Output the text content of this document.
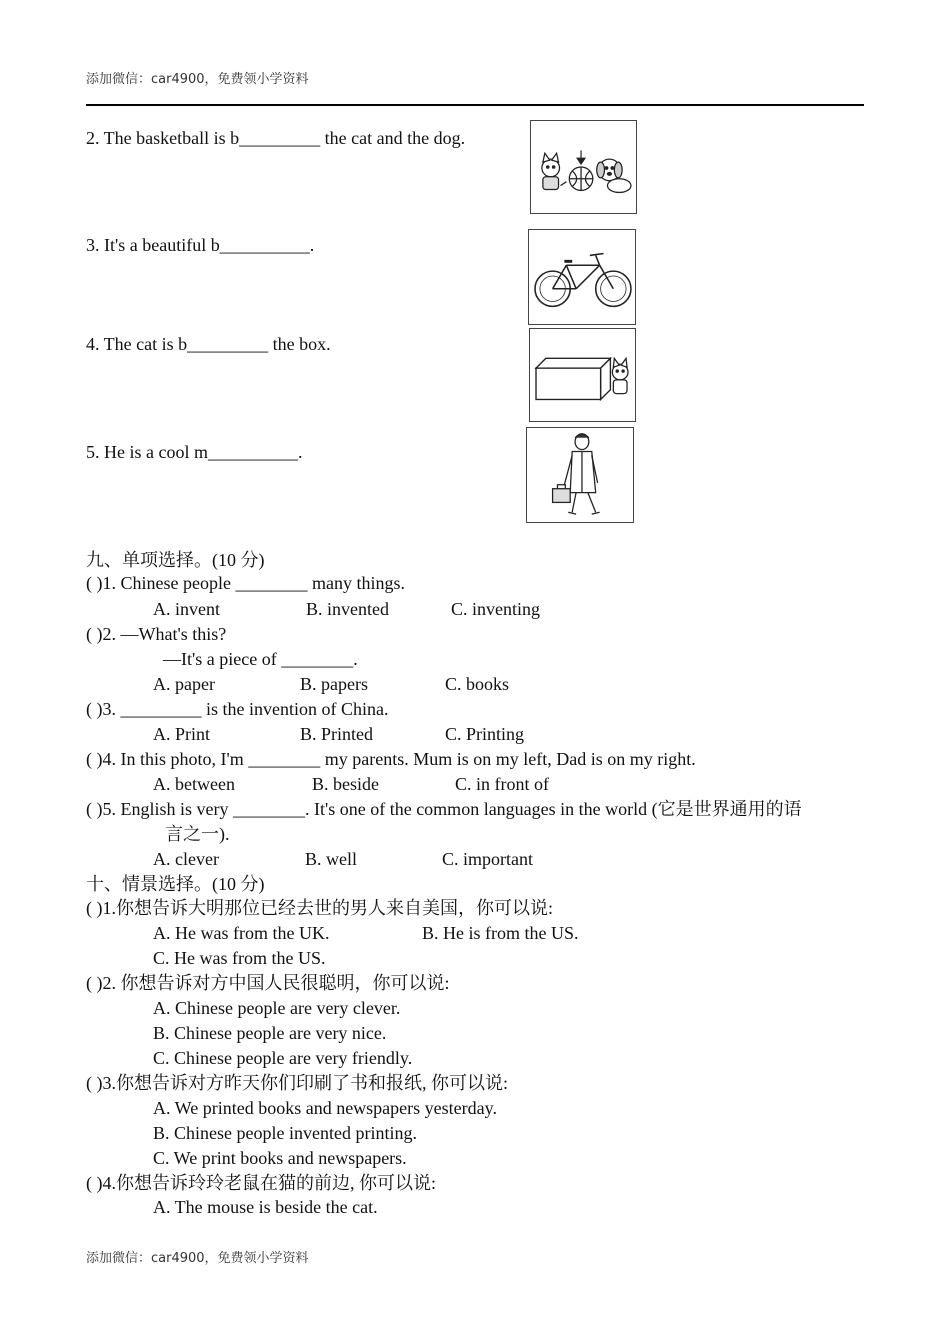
添加微信：car4900，免费领小学资料
2. The basketball is b_________ the cat and the dog.
3. It's a beautiful b__________.
4. The cat is b_________ the box.
5. He is a cool m__________.
九、单项选择。(10 分)
( )1. Chinese people ________ many things.
A. invent	B. invented	C. inventing
( )2. —What's this?
—It's a piece of ________.
A. paper	B. papers	C. books
( )3. _________ is the invention of China.
A. Print	B. Printed	C. Printing
( )4. In this photo, I'm ________ my parents. Mum is on my left, Dad is on my right.
A. between	B. beside	C. in front of
( )5. English is very ________. It's one of the common languages in the world (它是世界通用的语
言之一).
A. clever	B. well	C. important
十、情景选择。(10 分)
( )1.你想告诉大明那位已经去世的男人来自美国，你可以说:
A. He was from the UK.	B. He is from the US.
C. He was from the US.
( )2. 你想告诉对方中国人民很聪明，你可以说:
A. Chinese people are very clever.
B. Chinese people are very nice.
C. Chinese people are very friendly.
( )3.你想告诉对方昨天你们印刷了书和报纸, 你可以说:
A. We printed books and newspapers yesterday.
B. Chinese people invented printing.
C. We print books and newspapers.
( )4.你想告诉玲玲老鼠在猫的前边, 你可以说:
A. The mouse is beside the cat.
添加微信：car4900，免费领小学资料
